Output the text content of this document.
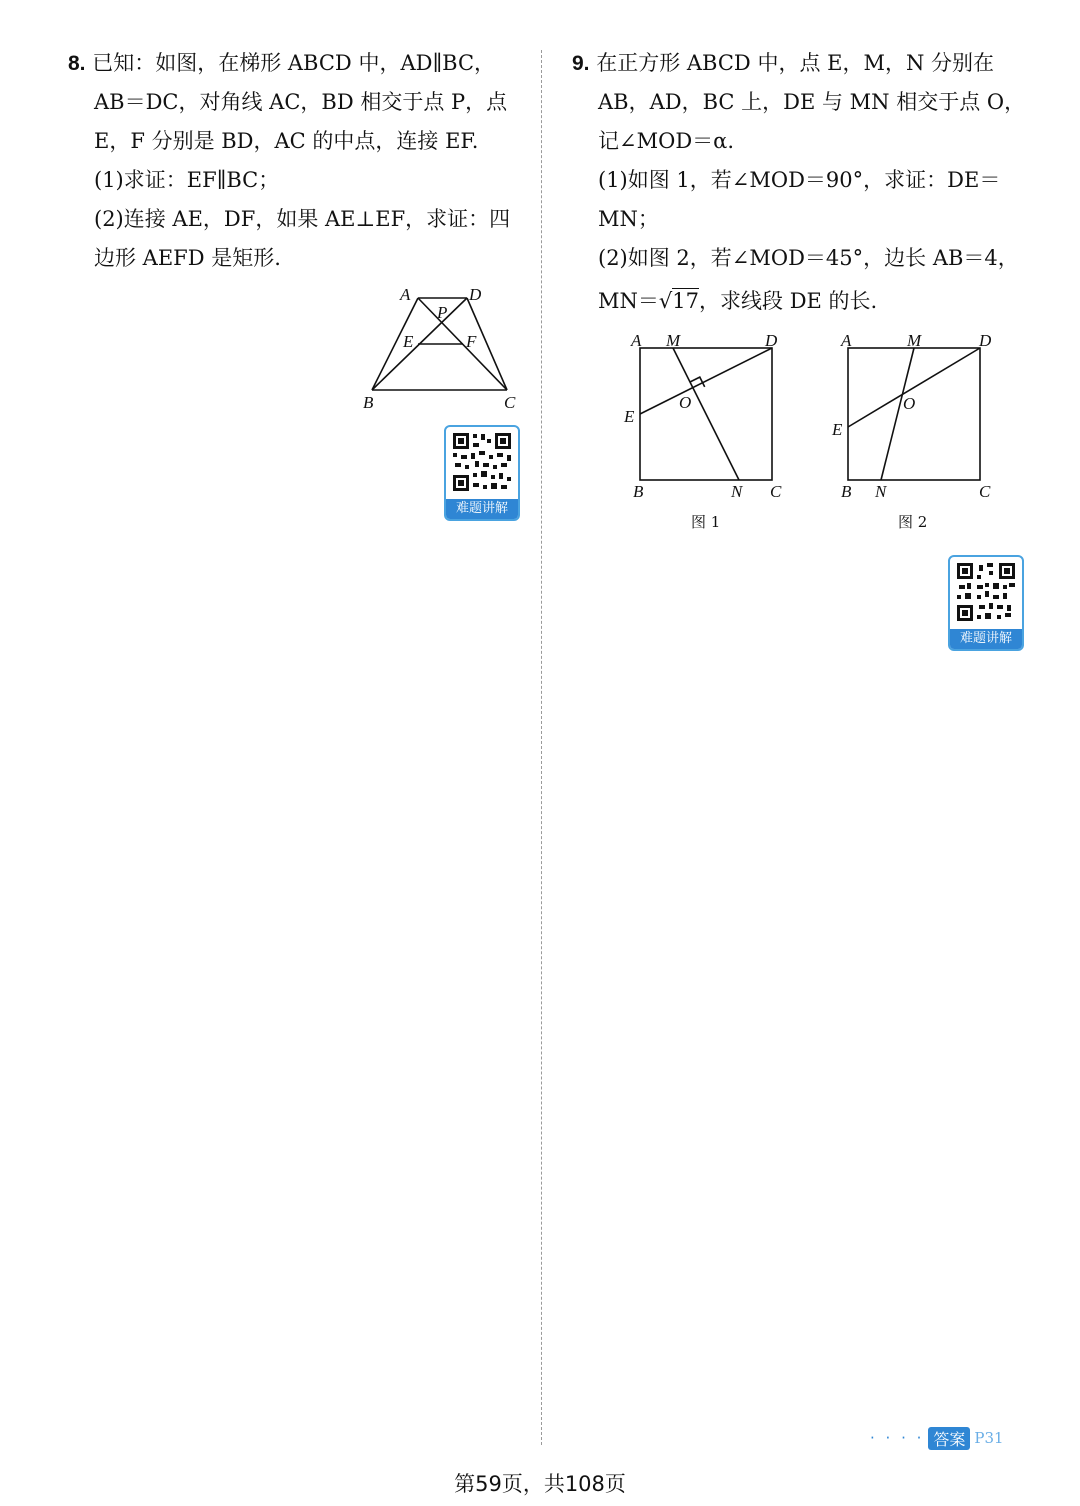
8. 已知：如图，在梯形 ABCD 中，AD∥BC，
AB＝DC，对角线 AC，BD 相交于点 P，点
E，F 分别是 BD，AC 的中点，连接 EF.
(1)求证：EF∥BC；
(2)连接 AE，DF，如果 AE⊥EF，求证：四
边形 AEFD 是矩形.
A	D
P
E	F
B	C
难题讲解
9. 在正方形 ABCD 中，点 E，M，N 分别在
AB，AD，BC 上，DE 与 MN 相交于点 O，
记∠MOD＝α.
(1)如图 1，若∠MOD＝90°，求证：DE＝
MN；
(2)如图 2，若∠MOD＝45°，边长 AB＝4，
MN＝√17，求线段 DE 的长.
A M	D
E
O
B	N C
图 1
A	M	D
E
O
B N	C
图 2
难题讲解
· · · · 答案 P31
第59页，共108页
